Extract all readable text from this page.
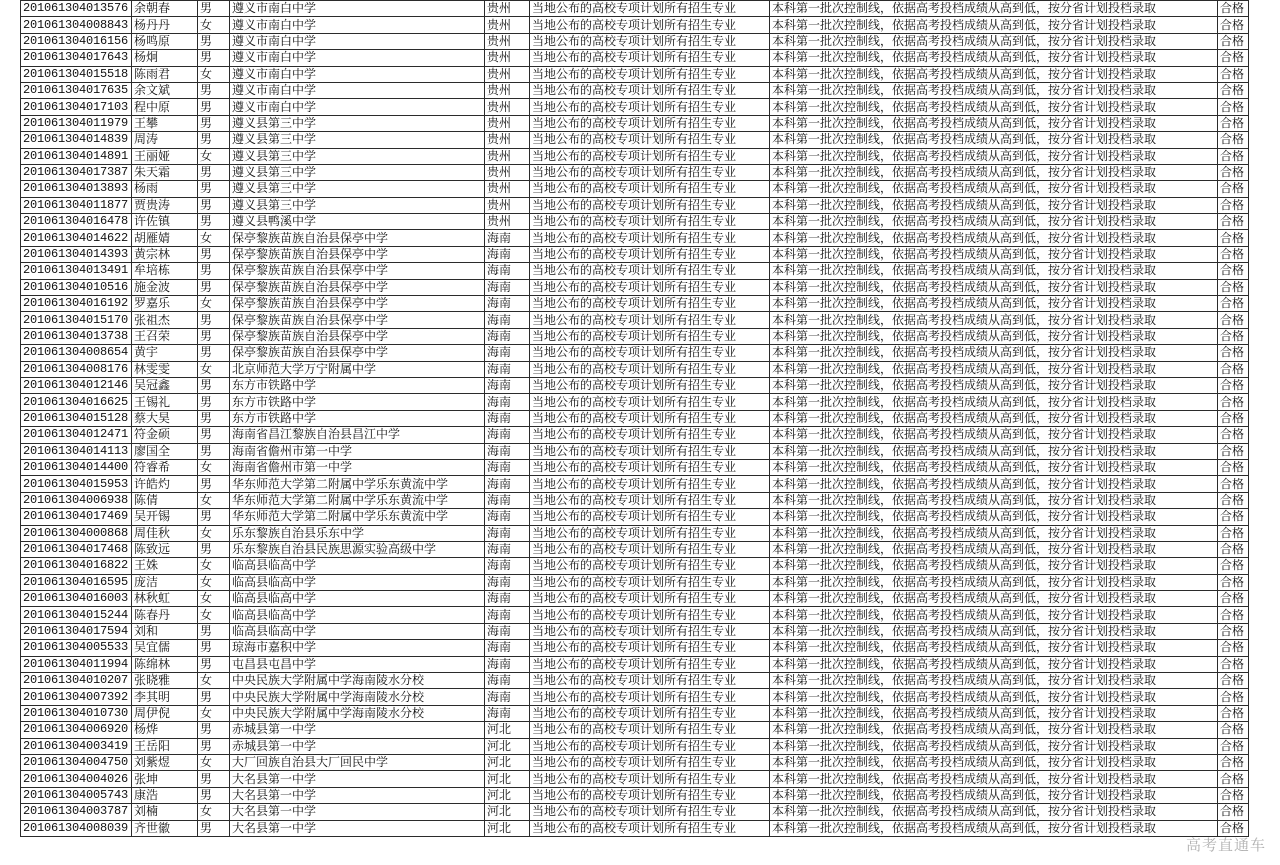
201061304013576	余朝春	男	遵义市南白中学	贵州	当地公布的高校专项计划所有招生专业	本科第一批次控制线，依据高考投档成绩从高到低，按分省计划投档录取	合格
201061304008843	杨丹丹	女	遵义市南白中学	贵州	当地公布的高校专项计划所有招生专业	本科第一批次控制线，依据高考投档成绩从高到低，按分省计划投档录取	合格
201061304016156	杨鸣原	男	遵义市南白中学	贵州	当地公布的高校专项计划所有招生专业	本科第一批次控制线，依据高考投档成绩从高到低，按分省计划投档录取	合格
201061304017643	杨炯	男	遵义市南白中学	贵州	当地公布的高校专项计划所有招生专业	本科第一批次控制线，依据高考投档成绩从高到低，按分省计划投档录取	合格
201061304015518	陈雨君	女	遵义市南白中学	贵州	当地公布的高校专项计划所有招生专业	本科第一批次控制线，依据高考投档成绩从高到低，按分省计划投档录取	合格
201061304017635	余文斌	男	遵义市南白中学	贵州	当地公布的高校专项计划所有招生专业	本科第一批次控制线，依据高考投档成绩从高到低，按分省计划投档录取	合格
201061304017103	程中原	男	遵义市南白中学	贵州	当地公布的高校专项计划所有招生专业	本科第一批次控制线，依据高考投档成绩从高到低，按分省计划投档录取	合格
201061304011979	王攀	男	遵义县第三中学	贵州	当地公布的高校专项计划所有招生专业	本科第一批次控制线，依据高考投档成绩从高到低，按分省计划投档录取	合格
201061304014839	周涛	男	遵义县第三中学	贵州	当地公布的高校专项计划所有招生专业	本科第一批次控制线，依据高考投档成绩从高到低，按分省计划投档录取	合格
201061304014891	王丽娅	女	遵义县第三中学	贵州	当地公布的高校专项计划所有招生专业	本科第一批次控制线，依据高考投档成绩从高到低，按分省计划投档录取	合格
201061304017387	朱天霜	男	遵义县第三中学	贵州	当地公布的高校专项计划所有招生专业	本科第一批次控制线，依据高考投档成绩从高到低，按分省计划投档录取	合格
201061304013893	杨雨	男	遵义县第三中学	贵州	当地公布的高校专项计划所有招生专业	本科第一批次控制线，依据高考投档成绩从高到低，按分省计划投档录取	合格
201061304011877	贾贵涛	男	遵义县第三中学	贵州	当地公布的高校专项计划所有招生专业	本科第一批次控制线，依据高考投档成绩从高到低，按分省计划投档录取	合格
201061304016478	许佐镇	男	遵义县鸭溪中学	贵州	当地公布的高校专项计划所有招生专业	本科第一批次控制线，依据高考投档成绩从高到低，按分省计划投档录取	合格
201061304014622	胡雁婧	女	保亭黎族苗族自治县保亭中学	海南	当地公布的高校专项计划所有招生专业	本科第一批次控制线，依据高考投档成绩从高到低，按分省计划投档录取	合格
201061304014393	黄宗林	男	保亭黎族苗族自治县保亭中学	海南	当地公布的高校专项计划所有招生专业	本科第一批次控制线，依据高考投档成绩从高到低，按分省计划投档录取	合格
201061304013491	牟培栋	男	保亭黎族苗族自治县保亭中学	海南	当地公布的高校专项计划所有招生专业	本科第一批次控制线，依据高考投档成绩从高到低，按分省计划投档录取	合格
201061304010516	施金波	男	保亭黎族苗族自治县保亭中学	海南	当地公布的高校专项计划所有招生专业	本科第一批次控制线，依据高考投档成绩从高到低，按分省计划投档录取	合格
201061304016192	罗嘉乐	女	保亭黎族苗族自治县保亭中学	海南	当地公布的高校专项计划所有招生专业	本科第一批次控制线，依据高考投档成绩从高到低，按分省计划投档录取	合格
201061304015170	张祖杰	男	保亭黎族苗族自治县保亭中学	海南	当地公布的高校专项计划所有招生专业	本科第一批次控制线，依据高考投档成绩从高到低，按分省计划投档录取	合格
201061304013738	王召荣	男	保亭黎族苗族自治县保亭中学	海南	当地公布的高校专项计划所有招生专业	本科第一批次控制线，依据高考投档成绩从高到低，按分省计划投档录取	合格
201061304008654	黄宇	男	保亭黎族苗族自治县保亭中学	海南	当地公布的高校专项计划所有招生专业	本科第一批次控制线，依据高考投档成绩从高到低，按分省计划投档录取	合格
201061304008176	林雯雯	女	北京师范大学万宁附属中学	海南	当地公布的高校专项计划所有招生专业	本科第一批次控制线，依据高考投档成绩从高到低，按分省计划投档录取	合格
201061304012146	吴冠鑫	男	东方市铁路中学	海南	当地公布的高校专项计划所有招生专业	本科第一批次控制线，依据高考投档成绩从高到低，按分省计划投档录取	合格
201061304016625	王锡礼	男	东方市铁路中学	海南	当地公布的高校专项计划所有招生专业	本科第一批次控制线，依据高考投档成绩从高到低，按分省计划投档录取	合格
201061304015128	蔡大昊	男	东方市铁路中学	海南	当地公布的高校专项计划所有招生专业	本科第一批次控制线，依据高考投档成绩从高到低，按分省计划投档录取	合格
201061304012471	符金硕	男	海南省昌江黎族自治县昌江中学	海南	当地公布的高校专项计划所有招生专业	本科第一批次控制线，依据高考投档成绩从高到低，按分省计划投档录取	合格
201061304014113	廖国全	男	海南省儋州市第一中学	海南	当地公布的高校专项计划所有招生专业	本科第一批次控制线，依据高考投档成绩从高到低，按分省计划投档录取	合格
201061304014400	符睿希	女	海南省儋州市第一中学	海南	当地公布的高校专项计划所有招生专业	本科第一批次控制线，依据高考投档成绩从高到低，按分省计划投档录取	合格
201061304015953	许皓灼	男	华东师范大学第二附属中学乐东黄流中学	海南	当地公布的高校专项计划所有招生专业	本科第一批次控制线，依据高考投档成绩从高到低，按分省计划投档录取	合格
201061304006938	陈倩	女	华东师范大学第二附属中学乐东黄流中学	海南	当地公布的高校专项计划所有招生专业	本科第一批次控制线，依据高考投档成绩从高到低，按分省计划投档录取	合格
201061304017469	吴开锡	男	华东师范大学第二附属中学乐东黄流中学	海南	当地公布的高校专项计划所有招生专业	本科第一批次控制线，依据高考投档成绩从高到低，按分省计划投档录取	合格
201061304000868	周佳秋	女	乐东黎族自治县乐东中学	海南	当地公布的高校专项计划所有招生专业	本科第一批次控制线，依据高考投档成绩从高到低，按分省计划投档录取	合格
201061304017468	陈致远	男	乐东黎族自治县民族思源实验高级中学	海南	当地公布的高校专项计划所有招生专业	本科第一批次控制线，依据高考投档成绩从高到低，按分省计划投档录取	合格
201061304016822	王姝	女	临高县临高中学	海南	当地公布的高校专项计划所有招生专业	本科第一批次控制线，依据高考投档成绩从高到低，按分省计划投档录取	合格
201061304016595	庞洁	女	临高县临高中学	海南	当地公布的高校专项计划所有招生专业	本科第一批次控制线，依据高考投档成绩从高到低，按分省计划投档录取	合格
201061304016003	林秋虹	女	临高县临高中学	海南	当地公布的高校专项计划所有招生专业	本科第一批次控制线，依据高考投档成绩从高到低，按分省计划投档录取	合格
201061304015244	陈春丹	女	临高县临高中学	海南	当地公布的高校专项计划所有招生专业	本科第一批次控制线，依据高考投档成绩从高到低，按分省计划投档录取	合格
201061304017594	刘和	男	临高县临高中学	海南	当地公布的高校专项计划所有招生专业	本科第一批次控制线，依据高考投档成绩从高到低，按分省计划投档录取	合格
201061304005533	吴宜儒	男	琼海市嘉积中学	海南	当地公布的高校专项计划所有招生专业	本科第一批次控制线，依据高考投档成绩从高到低，按分省计划投档录取	合格
201061304011994	陈绵林	男	屯昌县屯昌中学	海南	当地公布的高校专项计划所有招生专业	本科第一批次控制线，依据高考投档成绩从高到低，按分省计划投档录取	合格
201061304010207	张晓雅	女	中央民族大学附属中学海南陵水分校	海南	当地公布的高校专项计划所有招生专业	本科第一批次控制线，依据高考投档成绩从高到低，按分省计划投档录取	合格
201061304007392	李其明	男	中央民族大学附属中学海南陵水分校	海南	当地公布的高校专项计划所有招生专业	本科第一批次控制线，依据高考投档成绩从高到低，按分省计划投档录取	合格
201061304010730	周伊倪	女	中央民族大学附属中学海南陵水分校	海南	当地公布的高校专项计划所有招生专业	本科第一批次控制线，依据高考投档成绩从高到低，按分省计划投档录取	合格
201061304006920	杨烨	男	赤城县第一中学	河北	当地公布的高校专项计划所有招生专业	本科第一批次控制线，依据高考投档成绩从高到低，按分省计划投档录取	合格
201061304003419	王岳阳	男	赤城县第一中学	河北	当地公布的高校专项计划所有招生专业	本科第一批次控制线，依据高考投档成绩从高到低，按分省计划投档录取	合格
201061304004750	刘紫煜	女	大厂回族自治县大厂回民中学	河北	当地公布的高校专项计划所有招生专业	本科第一批次控制线，依据高考投档成绩从高到低，按分省计划投档录取	合格
201061304004026	张坤	男	大名县第一中学	河北	当地公布的高校专项计划所有招生专业	本科第一批次控制线，依据高考投档成绩从高到低，按分省计划投档录取	合格
201061304005743	康浩	男	大名县第一中学	河北	当地公布的高校专项计划所有招生专业	本科第一批次控制线，依据高考投档成绩从高到低，按分省计划投档录取	合格
201061304003787	刘楠	女	大名县第一中学	河北	当地公布的高校专项计划所有招生专业	本科第一批次控制线，依据高考投档成绩从高到低，按分省计划投档录取	合格
201061304008039	齐世徽	男	大名县第一中学	河北	当地公布的高校专项计划所有招生专业	本科第一批次控制线，依据高考投档成绩从高到低，按分省计划投档录取	合格
高考直通车
